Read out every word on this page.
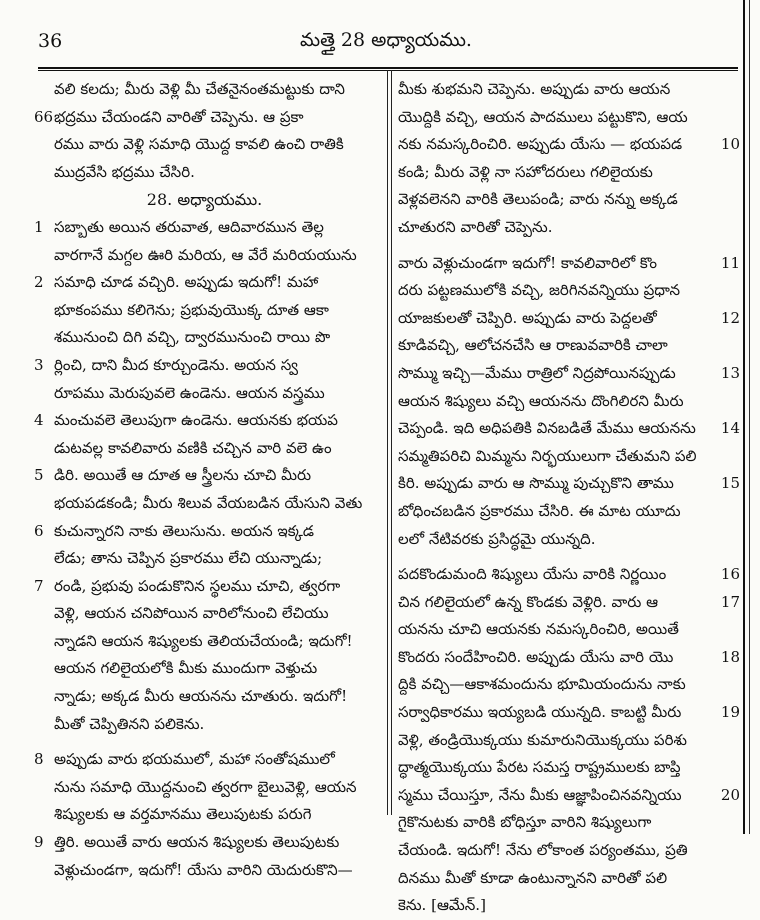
36	మత్తై 28 అధ్యాయము.
వలి కలదు; మీరు వెళ్లి మీ చేతనైనంతమట్టుకు దాని
భద్రము చేయండని వారితో చెప్పెను. ఆ ప్రకా
66
రము వారు వెళ్లి సమాధి యొద్ద కావలి ఉంచి రాతికి
ముద్రవేసి భద్రము చేసిరి.
28. అధ్యాయము.
సబ్బాతు అయిన తరువాత, ఆదివారమున తెల్ల
1
వారగానే మగ్దల ఊరి మరియ, ఆ వేరే మరియయును
సమాధి చూడ వచ్చిరి. అప్పుడు ఇదుగో! మహా
2
భూకంపము కలిగెను; ప్రభువుయొక్క దూత ఆకా
శమునుంచి దిగి వచ్చి, ద్వారమునుంచి రాయి పొ
ర్లించి, దాని మీద కూర్చుండెను. అయన స్వ
3
రూపము మెరుపువలె ఉండెను. ఆయన వస్త్రము
మంచువలె తెలుపుగా ఉండెను. ఆయనకు భయప
4
డుటవల్ల కావలివారు వణికి చచ్చిన వారి వలె ఉం
డిరి. అయితే ఆ దూత ఆ స్త్రీలను చూచి మీరు
5
భయపడకండి; మీరు శిలువ వేయబడిన యేసుని వెతు
కుచున్నారని నాకు తెలుసును. అయన ఇక్కడ
6
లేడు; తాను చెప్పిన ప్రకారము లేచి యున్నాడు;
రండి, ప్రభువు పండుకొనిన స్థలము చూచి, త్వరగా
7
వెళ్లి, ఆయన చనిపోయిన వారిలోనుంచి లేచియు
న్నాడని ఆయన శిష్యులకు తెలియచేయండి; ఇదుగో!
ఆయన గలిలైయలోకి మీకు ముందుగా వెళ్తుచు
న్నాడు; అక్కడ మీరు ఆయనను చూతురు. ఇదుగో!
మీతో చెప్పితినని పలికెను.
అప్పుడు వారు భయములో, మహా సంతోషములో
8
నును సమాధి యొద్దనుంచి త్వరగా బైలువెళ్లి, ఆయన
శిష్యులకు ఆ వర్తమానము తెలుపుటకు పరుగె
త్తిరి. అయితే వారు ఆయన శిష్యులకు తెలుపుటకు
9
వెళ్లుచుండగా, ఇదుగో! యేసు వారిని యెదురుకొని—
మీకు శుభమని చెప్పెను. అప్పుడు వారు ఆయన
యొద్దికి వచ్చి, ఆయన పాదములు పట్టుకొని, ఆయ
నకు నమస్కరించిరి. అప్పుడు యేసు — భయపడ	10
కండి; మీరు వెళ్లి నా సహోదరులు గలిలైయకు
వెళ్లవలెనని వారికి తెలుపండి; వారు నన్ను అక్కడ
చూతురని వారితో చెప్పెను.
వారు వెళ్లుచుండగా ఇదుగో! కావలివారిలో కొం	11
దరు పట్టణములోకి వచ్చి, జరిగినవన్నియు ప్రధాన
యాజకులతో చెప్పిరి. అప్పుడు వారు పెద్దలతో	12
కూడివచ్చి, ఆలోచనచేసి ఆ రాణువవారికి చాలా
సొమ్ము ఇచ్చి—మేము రాత్రిలో నిద్రపోయినప్పుడు	13
ఆయన శిష్యులు వచ్చి ఆయనను దొంగిలిరని మీరు
చెప్పండి. ఇది అధిపతికి వినబడితే మేము ఆయనను	14
సమ్మతిపరిచి మిమ్మను నిర్భయులుగా చేతుమని పలి
కిరి. అప్పుడు వారు ఆ సొమ్ము పుచ్చుకొని తాము	15
బోధించబడిన ప్రకారము చేసిరి. ఈ మాట యూదు
లలో నేటివరకు ప్రసిద్ధమై యున్నది.
పదకొండుమంది శిష్యులు యేసు వారికి నిర్ణయిం	16
చిన గలిలైయలో ఉన్న కొండకు వెళ్లిరి. వారు ఆ	17
యనను చూచి ఆయనకు నమస్కరించిరి, అయితే
కొందరు సందేహించిరి. అప్పుడు యేసు వారి యొ	18
ద్దికి వచ్చి—ఆకాశమందును భూమియందును నాకు
సర్వాధికారము ఇయ్యబడి యున్నది. కాబట్టి మీరు	19
వెళ్లి, తండ్రియొక్కయు కుమారునియొక్కయు పరిశు
ద్ధాత్మయొక్కయు పేరట సమస్త రాష్ట్రములకు బాప్తి
స్మము చేయిస్తూ, నేను మీకు ఆజ్ఞాపించినవన్నియు	20
గైకొనుటకు వారికి బోధిస్తూ వారిని శిష్యులుగా
చేయండి. ఇదుగో! నేను లోకాంత పర్యంతము, ప్రతి
దినము మీతో కూడా ఉంటున్నానని వారితో పలి
కెను. [ఆమేన్.]
